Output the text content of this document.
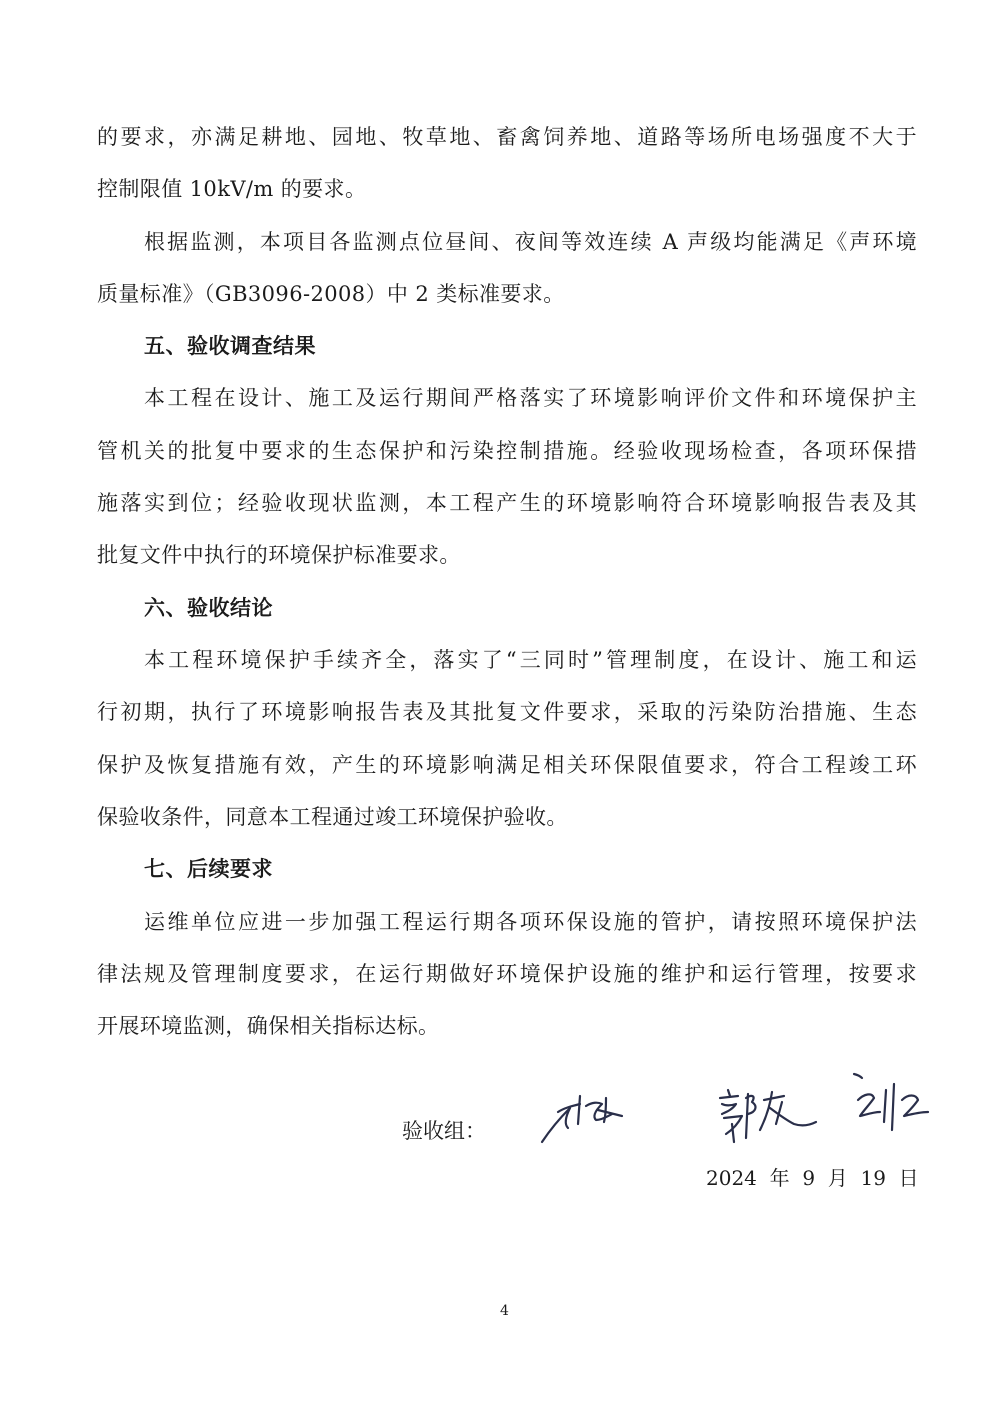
的要求，亦满足耕地、园地、牧草地、畜禽饲养地、道路等场所电场强度不大于
控制限值 10kV/m 的要求。
根据监测，本项目各监测点位昼间、夜间等效连续 A 声级均能满足《声环境
质量标准》（GB3096-2008）中 2 类标准要求。
五、验收调查结果
本工程在设计、施工及运行期间严格落实了环境影响评价文件和环境保护主
管机关的批复中要求的生态保护和污染控制措施。经验收现场检查，各项环保措
施落实到位；经验收现状监测，本工程产生的环境影响符合环境影响报告表及其
批复文件中执行的环境保护标准要求。
六、验收结论
本工程环境保护手续齐全，落实了“三同时”管理制度，在设计、施工和运
行初期，执行了环境影响报告表及其批复文件要求，采取的污染防治措施、生态
保护及恢复措施有效，产生的环境影响满足相关环保限值要求，符合工程竣工环
保验收条件，同意本工程通过竣工环境保护验收。
七、后续要求
运维单位应进一步加强工程运行期各项环保设施的管护，请按照环境保护法
律法规及管理制度要求，在运行期做好环境保护设施的维护和运行管理，按要求
开展环境监测，确保相关指标达标。
验收组：
2024  年  9  月  19  日
4
